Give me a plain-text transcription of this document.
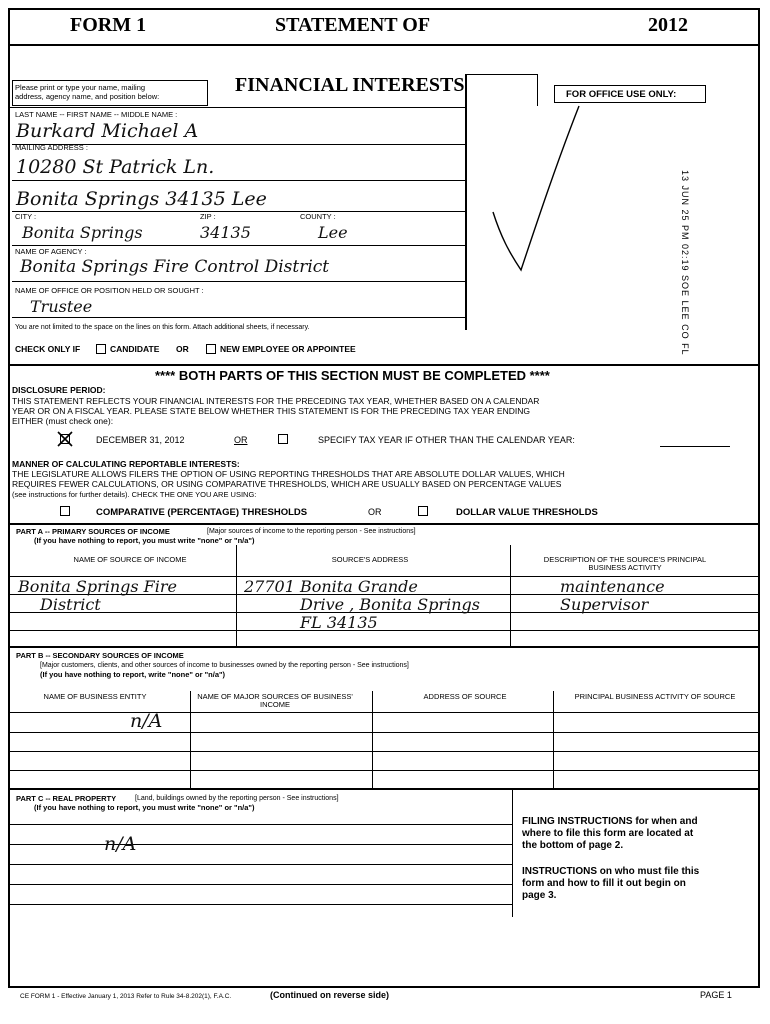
FORM 1	STATEMENT OF	2012
Please print or type your name, mailing
address, agency name, and position below:
FINANCIAL INTERESTS	FOR OFFICE USE ONLY:
13 JUN 25 PM 02:19 SOE LEE CO FL
LAST NAME -- FIRST NAME -- MIDDLE NAME :
Burkard Michael A
MAILING ADDRESS :
10280 St Patrick Ln.
Bonita Springs 34135 Lee
CITY :	ZIP :	COUNTY :
Bonita Springs	34135	Lee
NAME OF AGENCY :
Bonita Springs Fire Control District
NAME OF OFFICE OR POSITION HELD OR SOUGHT :
Trustee
You are not limited to the space on the lines on this form. Attach additional sheets, if necessary.
CHECK ONLY IF	CANDIDATE OR	NEW EMPLOYEE OR APPOINTEE
**** BOTH PARTS OF THIS SECTION MUST BE COMPLETED ****
DISCLOSURE PERIOD:
THIS STATEMENT REFLECTS YOUR FINANCIAL INTERESTS FOR THE PRECEDING TAX YEAR, WHETHER BASED ON A CALENDAR
YEAR OR ON A FISCAL YEAR. PLEASE STATE BELOW WHETHER THIS STATEMENT IS FOR THE PRECEDING TAX YEAR ENDING
EITHER (must check one):
DECEMBER 31, 2012	OR	SPECIFY TAX YEAR IF OTHER THAN THE CALENDAR YEAR:
MANNER OF CALCULATING REPORTABLE INTERESTS:
THE LEGISLATURE ALLOWS FILERS THE OPTION OF USING REPORTING THRESHOLDS THAT ARE ABSOLUTE DOLLAR VALUES, WHICH
REQUIRES FEWER CALCULATIONS, OR USING COMPARATIVE THRESHOLDS, WHICH ARE USUALLY BASED ON PERCENTAGE VALUES
(see instructions for further details). CHECK THE ONE YOU ARE USING:
COMPARATIVE (PERCENTAGE) THRESHOLDS	OR	DOLLAR VALUE THRESHOLDS
PART A -- PRIMARY SOURCES OF INCOME	[Major sources of income to the reporting person - See instructions]
(If you have nothing to report, you must write "none" or "n/a")
NAME OF SOURCE OF INCOME	SOURCE'S ADDRESS	DESCRIPTION OF THE SOURCE'S PRINCIPAL BUSINESS ACTIVITY
Bonita Springs Fire	27701 Bonita Grande	maintenance
District	Drive , Bonita Springs	Supervisor
FL 34135
PART B -- SECONDARY SOURCES OF INCOME
[Major customers, clients, and other sources of income to businesses owned by the reporting person - See instructions]
(If you have nothing to report, write "none" or "n/a")
NAME OF BUSINESS ENTITY	NAME OF MAJOR SOURCES OF BUSINESS' INCOME
ADDRESS OF SOURCE	PRINCIPAL BUSINESS ACTIVITY OF SOURCE
n/A
PART C -- REAL PROPERTY	[Land, buildings owned by the reporting person - See instructions]
(If you have nothing to report, you must write "none" or "n/a")
n/A
FILING INSTRUCTIONS for when and where to file this form are located at the bottom of page 2.
INSTRUCTIONS on who must file this form and how to fill it out begin on page 3.
CE FORM 1 - Effective January 1, 2013 Refer to Rule 34-8.202(1), F.A.C.	(Continued on reverse side)	PAGE 1
